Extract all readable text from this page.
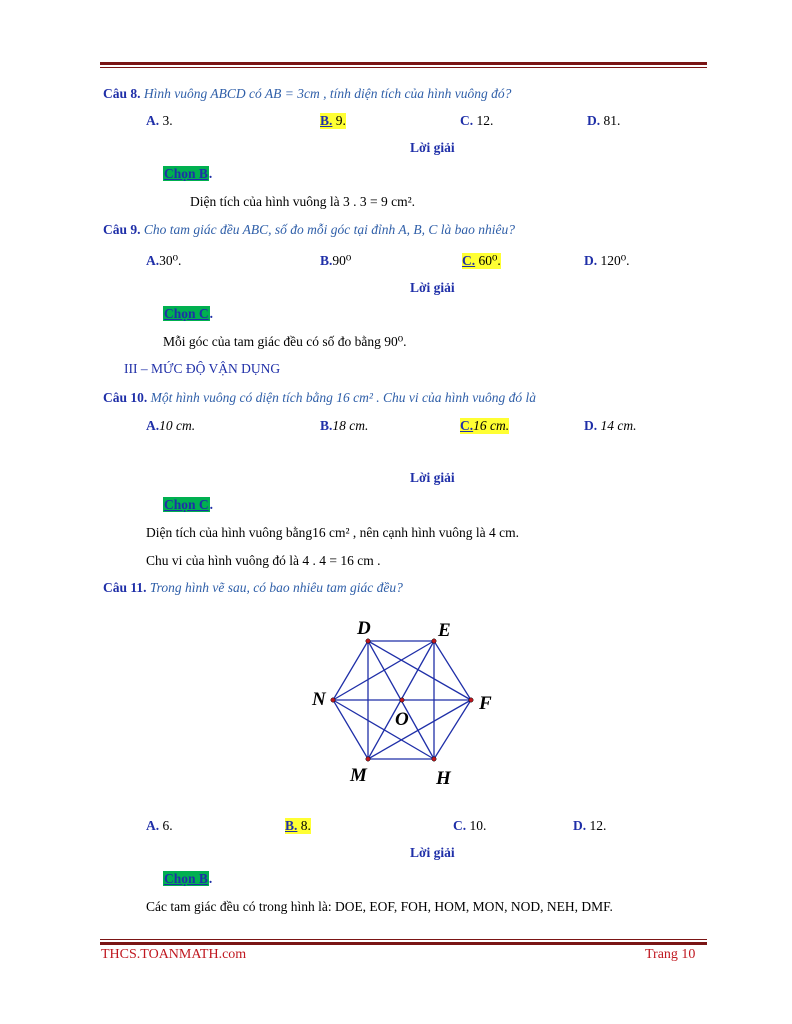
Câu 8. Hình vuông ABCD có AB = 3cm , tính diện tích của hình vuông đó?
A. 3.	B. 9.	C. 12.	D. 81.
Lời giải
Chọn B.
Diện tích của hình vuông là 3 . 3 = 9 cm².
Câu 9. Cho tam giác đều ABC, số đo mỗi góc tại đỉnh A, B, C là bao nhiêu?
A.30⁰.	B.90⁰	C. 60⁰.	D. 120⁰.
Lời giải
Chọn C.
Mỗi góc của tam giác đều có số đo bằng 90⁰.
III – MỨC ĐỘ VẬN DỤNG
Câu 10. Một hình vuông có diện tích bằng 16 cm² . Chu vi của hình vuông đó là
A.10 cm.	B.18 cm.	C.16 cm.	D. 14 cm.
Lời giải
Chọn C.
Diện tích của hình vuông bằng16 cm² , nên cạnh hình vuông là 4 cm.
Chu vi của hình vuông đó là 4 . 4 = 16 cm .
Câu 11. Trong hình vẽ sau, có bao nhiêu tam giác đều?
D	E
F
H
M
N
O
A. 6.	B. 8.	C. 10.	D. 12.
Lời giải
Chọn B.
Các tam giác đều có trong hình là: DOE, EOF, FOH, HOM, MON, NOD, NEH, DMF.
THCS.TOANMATH.com	Trang 10
